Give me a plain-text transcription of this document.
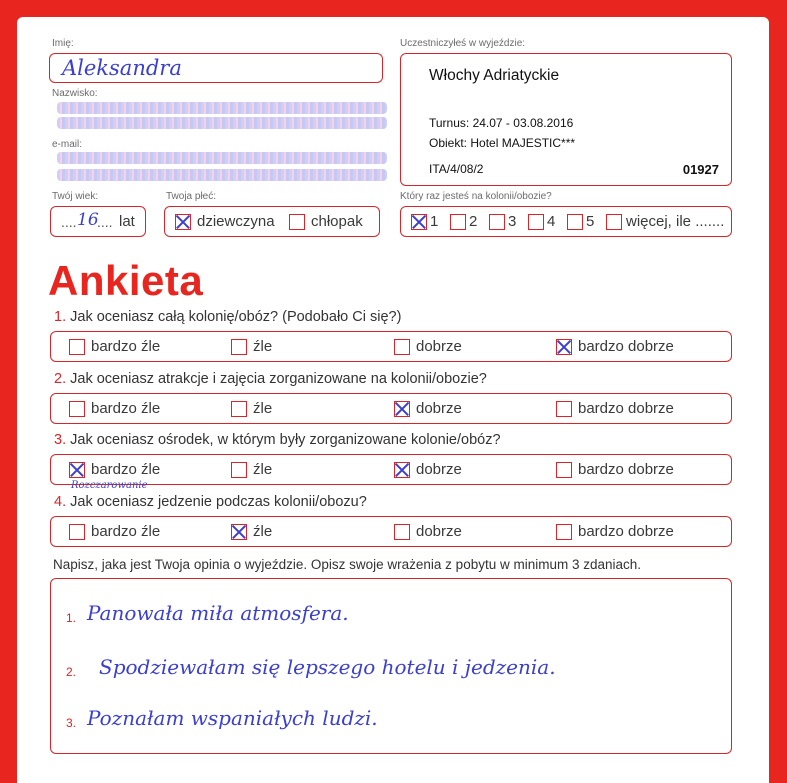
Imię:
Aleksandra
Nazwisko:
e-mail:
Uczestniczyłeś w wyjeździe:
Włochy Adriatyckie
Turnus: 24.07 - 03.08.2016
Obiekt: Hotel MAJESTIC***
ITA/4/08/2	01927
Twój wiek:
.... 16
.... lat
Twoja płeć:
dziewczyna chłopak
Który raz jesteś na kolonii/obozie?
1 2 3 4 5 więcej, ile .......
Ankieta
1. Jak oceniasz całą kolonię/obóz? (Podobało Ci się?)
bardzo źle	źle	dobrze	bardzo dobrze
2. Jak oceniasz atrakcje i zajęcia zorganizowane na kolonii/obozie?
bardzo źle	źle	dobrze	bardzo dobrze
3. Jak oceniasz ośrodek, w którym były zorganizowane kolonie/obóz?
bardzo źle	źle	dobrze	bardzo dobrze
Rozczarowanie
4. Jak oceniasz jedzenie podczas kolonii/obozu?
bardzo źle	źle	dobrze	bardzo dobrze
Napisz, jaka jest Twoja opinia o wyjeździe. Opisz swoje wrażenia z pobytu w minimum 3 zdaniach.
1. Panowała miła atmosfera.
2. Spodziewałam się lepszego hotelu i jedzenia.
3. Poznałam wspaniałych ludzi.
